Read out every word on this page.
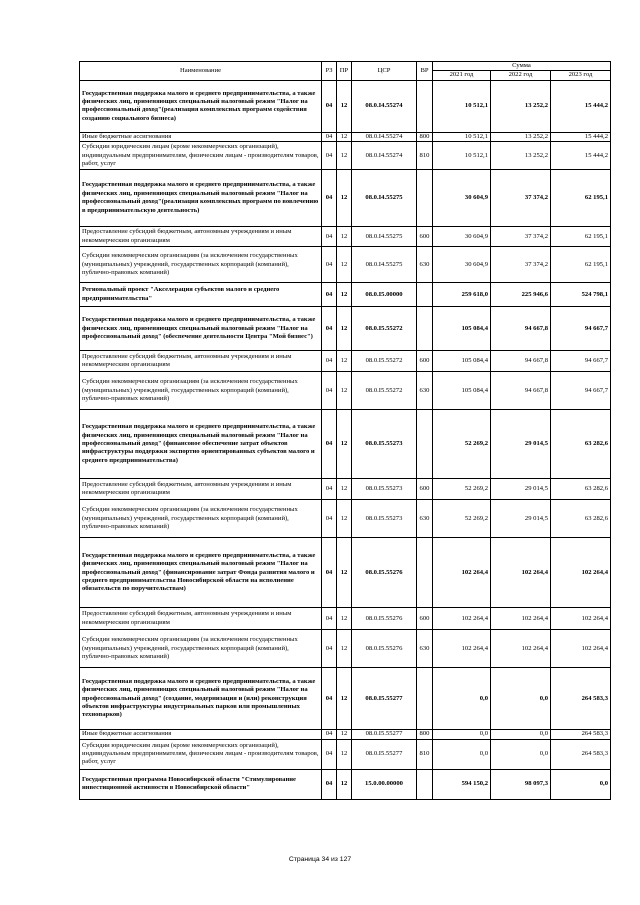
Наименование	РЗ	ПР	ЦСР	ВР	Сумма		
					2021 год	2022 год	2023 год
Государственная поддержка малого и среднего предпринимательства, а также физических лиц, применяющих специальный налоговый режим "Налог на профессиональный доход"(реализация комплексных программ содействия созданию социального бизнеса)	04	12	08.0.I4.55274		10 512,1	13 252,2	15 444,2
Иные бюджетные ассигнования	04	12	08.0.I4.55274	800	10 512,1	13 252,2	15 444,2
Субсидии юридическим лицам (кроме некоммерческих организаций), индивидуальным предпринимателям, физическим лицам - производителям товаров, работ, услуг	04	12	08.0.I4.55274	810	10 512,1	13 252,2	15 444,2
Государственная поддержка малого и среднего предпринимательства, а также физических лиц, применяющих специальный налоговый режим "Налог на профессиональный доход"(реализация комплексных программ по вовлечению в предпринимательскую деятельность)	04	12	08.0.I4.55275		30 604,9	37 374,2	62 195,1
Предоставление субсидий бюджетным, автономным учреждениям и иным некоммерческим организациям	04	12	08.0.I4.55275	600	30 604,9	37 374,2	62 195,1
Субсидии некоммерческим организациям (за исключением государственных (муниципальных) учреждений, государственных корпораций (компаний), публично-правовых компаний)	04	12	08.0.I4.55275	630	30 604,9	37 374,2	62 195,1
Региональный проект "Акселерация субъектов малого и среднего предпринимательства"	04	12	08.0.I5.00000		259 618,0	225 946,6	524 798,1
Государственная поддержка малого и среднего предпринимательства, а также физических лиц, применяющих специальный налоговый режим "Налог на профессиональный доход" (обеспечение деятельности Центра "Мой бизнес")	04	12	08.0.I5.55272		105 084,4	94 667,8	94 667,7
Предоставление субсидий бюджетным, автономным учреждениям и иным некоммерческим организациям	04	12	08.0.I5.55272	600	105 084,4	94 667,8	94 667,7
Субсидии некоммерческим организациям (за исключением государственных (муниципальных) учреждений, государственных корпораций (компаний), публично-правовых компаний)	04	12	08.0.I5.55272	630	105 084,4	94 667,8	94 667,7
Государственная поддержка малого и среднего предпринимательства, а также физических лиц, применяющих специальный налоговый режим "Налог на профессиональный доход" (финансовое обеспечение затрат объектов инфраструктуры поддержки экспортно ориентированных субъектов малого и среднего предпринимательства)	04	12	08.0.I5.55273		52 269,2	29 014,5	63 282,6
Предоставление субсидий бюджетным, автономным учреждениям и иным некоммерческим организациям	04	12	08.0.I5.55273	600	52 269,2	29 014,5	63 282,6
Субсидии некоммерческим организациям (за исключением государственных (муниципальных) учреждений, государственных корпораций (компаний), публично-правовых компаний)	04	12	08.0.I5.55273	630	52 269,2	29 014,5	63 282,6
Государственная поддержка малого и среднего предпринимательства, а также физических лиц, применяющих специальный налоговый режим "Налог на профессиональный доход" (финансирование затрат Фонда развития малого и среднего предпринимательства Новосибирской области на исполнение обязательств по поручительствам)	04	12	08.0.I5.55276		102 264,4	102 264,4	102 264,4
Предоставление субсидий бюджетным, автономным учреждениям и иным некоммерческим организациям	04	12	08.0.I5.55276	600	102 264,4	102 264,4	102 264,4
Субсидии некоммерческим организациям (за исключением государственных (муниципальных) учреждений, государственных корпораций (компаний), публично-правовых компаний)	04	12	08.0.I5.55276	630	102 264,4	102 264,4	102 264,4
Государственная поддержка малого и среднего предпринимательства, а также физических лиц, применяющих специальный налоговый режим "Налог на профессиональный доход" (создание, модернизация и (или) реконструкция объектов инфраструктуры индустриальных парков или промышленных технопарков)	04	12	08.0.I5.55277		0,0	0,0	264 583,3
Иные бюджетные ассигнования	04	12	08.0.I5.55277	800	0,0	0,0	264 583,3
Субсидии юридическим лицам (кроме некоммерческих организаций), индивидуальным предпринимателям, физическим лицам - производителям товаров, работ, услуг	04	12	08.0.I5.55277	810	0,0	0,0	264 583,3
Государственная программа Новосибирской области "Стимулирование инвестиционной активности в Новосибирской области"	04	12	15.0.00.00000		594 150,2	98 097,3	0,0
Страница 34 из 127
